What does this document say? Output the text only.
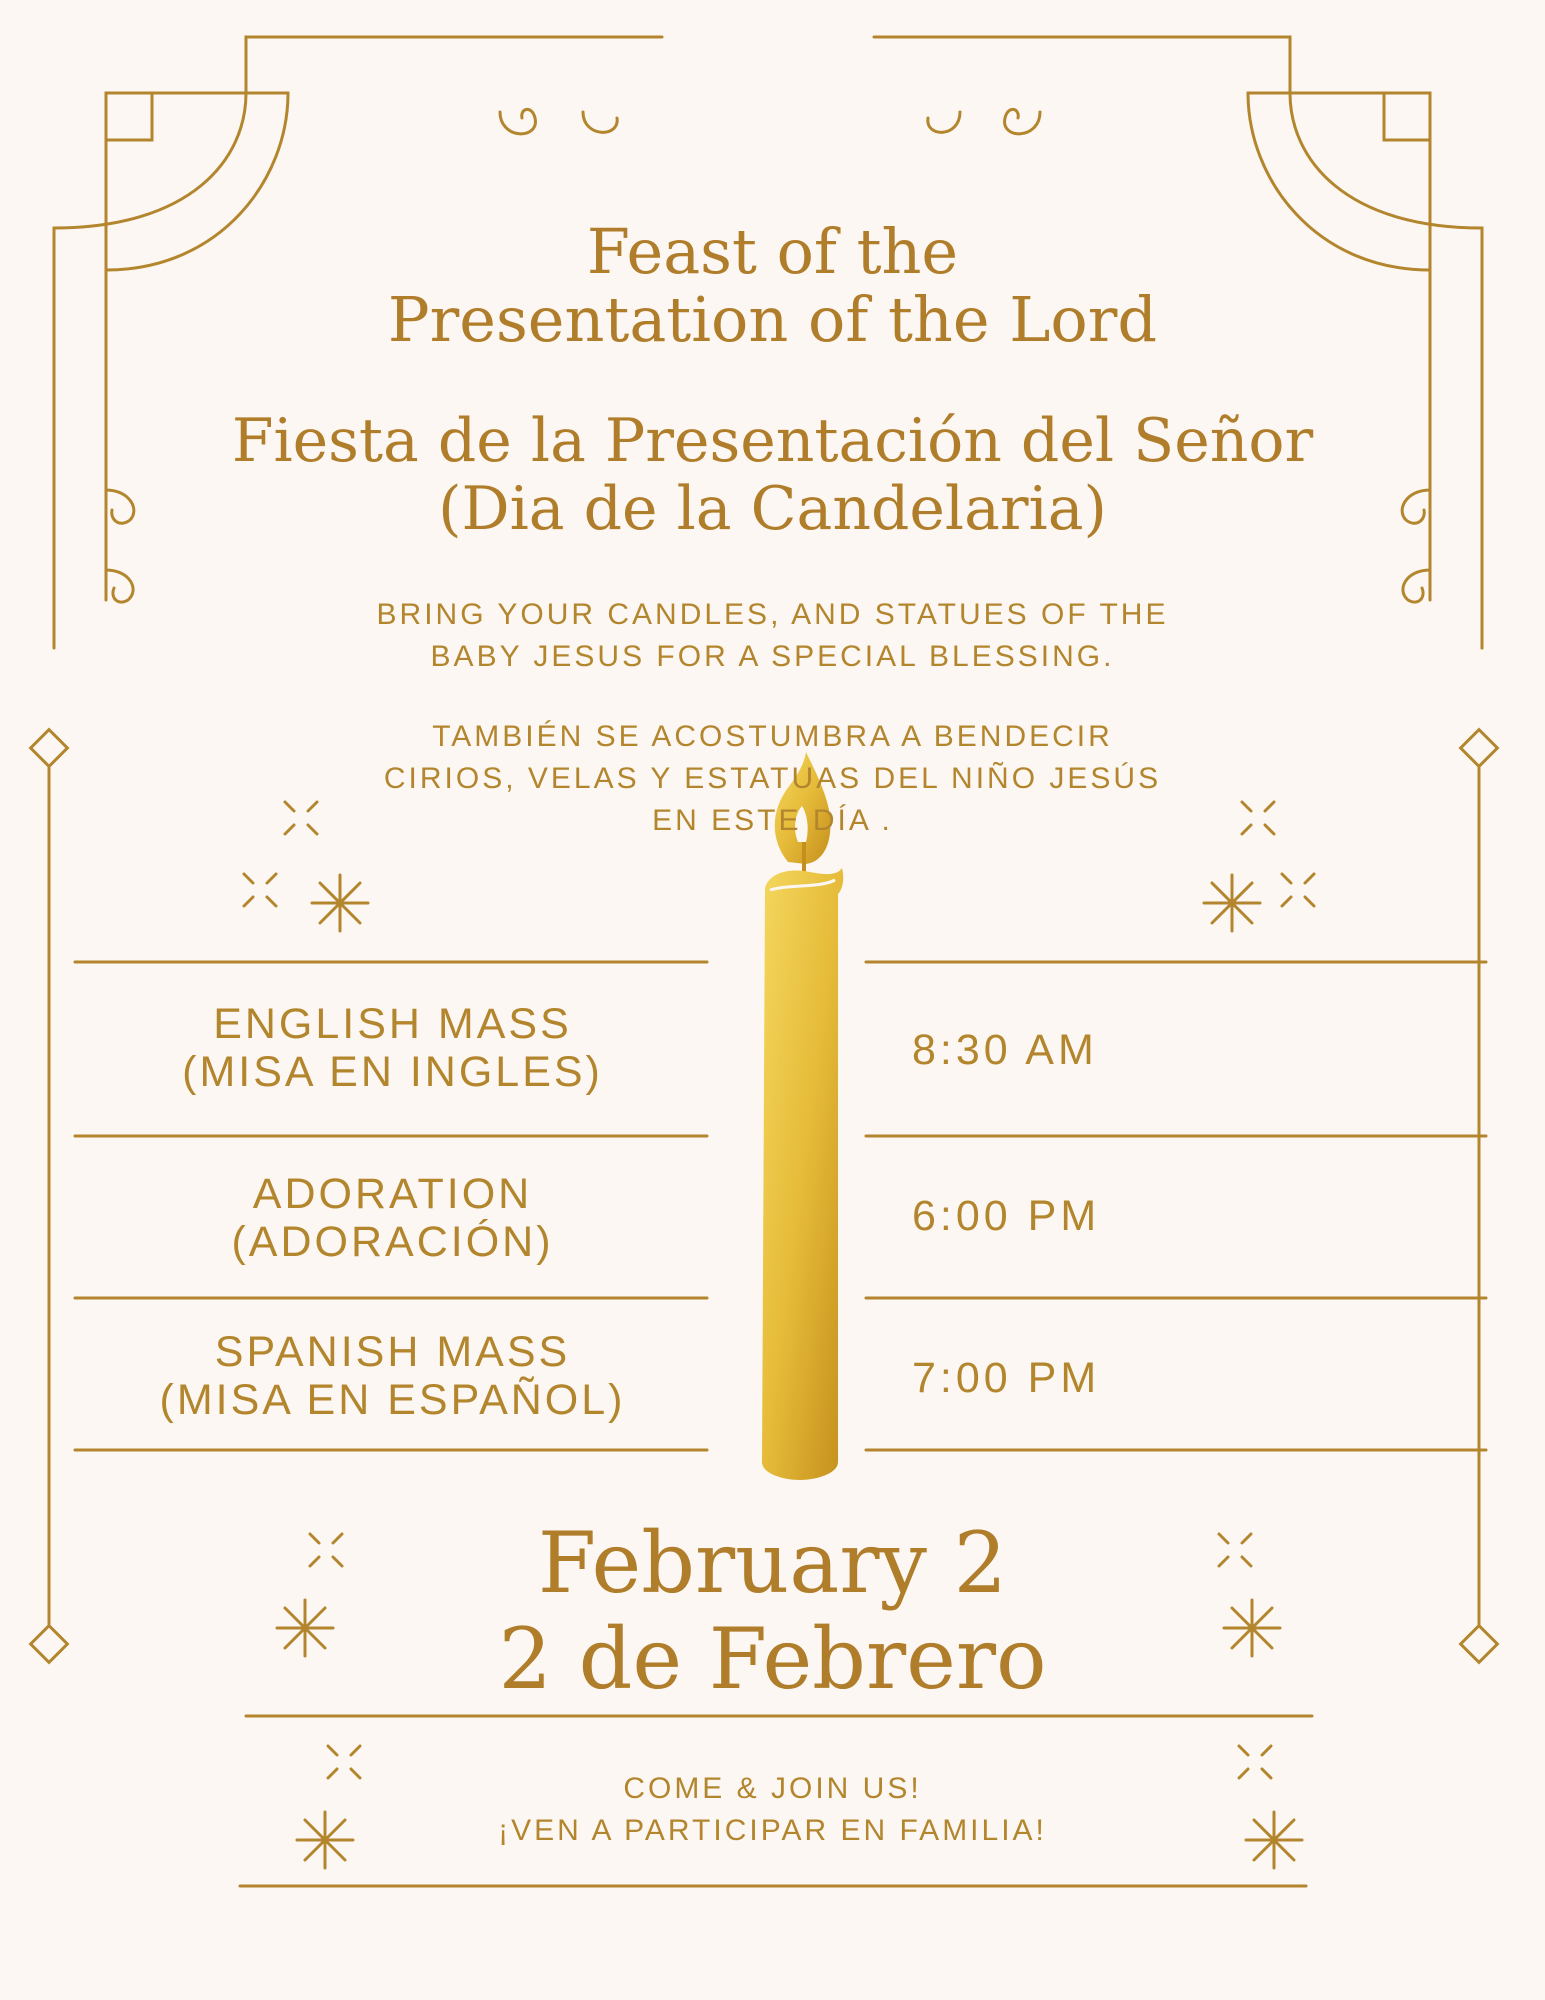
Feast of the
Presentation of the Lord
Fiesta de la Presentación del Señor
(Dia de la Candelaria)
BRING YOUR CANDLES, AND STATUES OF THE
BABY JESUS FOR A SPECIAL BLESSING.
TAMBIÉN SE ACOSTUMBRA A BENDECIR
CIRIOS, VELAS Y ESTATUAS DEL NIÑO JESÚS
EN ESTE DÍA .
ENGLISH MASS
(MISA EN INGLES)	8:30 AM
ADORATION
(ADORACIÓN)
6:00 PM
SPANISH MASS
(MISA EN ESPAÑOL)	7:00 PM
February 2
2 de Febrero
COME & JOIN US!
¡VEN A PARTICIPAR EN FAMILIA!
